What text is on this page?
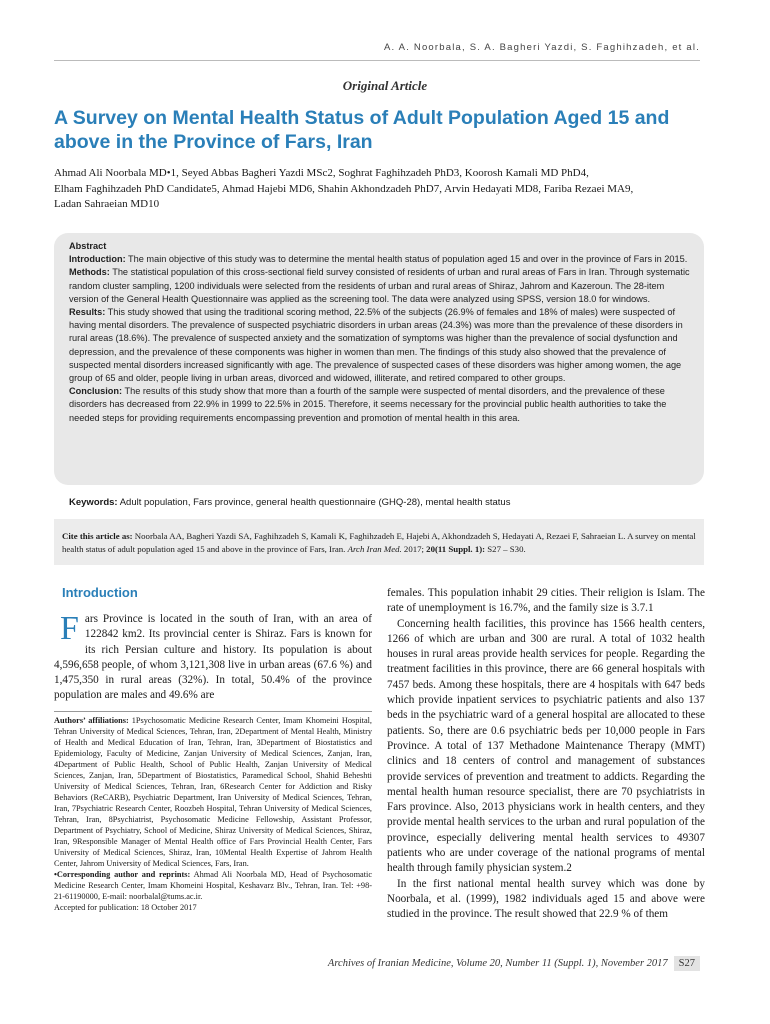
A. A. Noorbala, S. A. Bagheri Yazdi, S. Faghihzadeh, et al.
Original Article
A Survey on Mental Health Status of Adult Population Aged 15 and above in the Province of Fars, Iran
Ahmad Ali Noorbala MD•1, Seyed Abbas Bagheri Yazdi MSc2, Soghrat Faghihzadeh PhD3, Koorosh Kamali MD PhD4,
Elham Faghihzadeh PhD Candidate5, Ahmad Hajebi MD6, Shahin Akhondzadeh PhD7, Arvin Hedayati MD8, Fariba Rezaei MA9,
Ladan Sahraeian MD10

Abstract

Introduction: The main objective of this study was to determine the mental health status of population aged 15 and over in the province of Fars in 2015.

Methods: The statistical population of this cross-sectional field survey consisted of residents of urban and rural areas of Fars in Iran. Through systematic random cluster sampling, 1200 individuals were selected from the residents of urban and rural areas of Shiraz, Jahrom and Kazeroun. The 28-item version of the General Health Questionnaire was applied as the screening tool. The data were analyzed using SPSS, version 18.0 for windows.

Results: This study showed that using the traditional scoring method, 22.5% of the subjects (26.9% of females and 18% of males) were suspected of having mental disorders. The prevalence of suspected psychiatric disorders in urban areas (24.3%) was more than the prevalence of these disorders in rural areas (18.6%). The prevalence of suspected anxiety and the somatization of symptoms was higher than the prevalence of social dysfunction and depression, and the prevalence of these components was higher in women than men. The findings of this study also showed that the prevalence of suspected mental disorders increased significantly with age. The prevalence of suspected cases of these disorders was higher among women, the age group of 65 and older, people living in urban areas, divorced and widowed, illiterate, and retired compared to other groups.

Conclusion: The results of this study show that more than a fourth of the sample were suspected of mental disorders, and the prevalence of these disorders has decreased from 22.9% in 1999 to 22.5% in 2015. Therefore, it seems necessary for the provincial public health authorities to take the needed steps for providing requirements encompassing prevention and promotion of mental health in this area.

Keywords: Adult population, Fars province, general health questionnaire (GHQ-28), mental health status
Cite this article as: Noorbala AA, Bagheri Yazdi SA, Faghihzadeh S, Kamali K, Faghihzadeh E, Hajebi A, Akhondzadeh S, Hedayati A, Rezaei F, Sahraeian L. A survey on mental health status of adult population aged 15 and above in the province of Fars, Iran. Arch Iran Med. 2017; 20(11 Suppl. 1): S27 – S30.
Introduction

Fars Province is located in the south of Iran, with an area of 122842 km2. Its provincial center is Shiraz. Fars is known for its rich Persian culture and history. Its population is about 4,596,658 people, of whom 3,121,308 live in urban areas (67.6 %) and 1,475,350 in rural areas (32%). In total, 50.4% of the province population are males and 49.6% are

Authors’ affiliations: 1Psychosomatic Medicine Research Center, Imam Khomeini Hospital, Tehran University of Medical Sciences, Tehran, Iran, 2Department of Mental Health, Ministry of Health and Medical Education of Iran, Tehran, Iran, 3Department of Biostatistics and Epidemiology, Faculty of Medicine, Zanjan University of Medical Sciences, Zanjan, Iran, 4Department of Public Health, School of Public Health, Zanjan University of Medical Sciences, Zanjan, Iran, 5Department of Biostatistics, Paramedical School, Shahid Beheshti University of Medical Sciences, Tehran, Iran, 6Research Center for Addiction and Risky Behaviors (ReCARB), Psychiatric Department, Iran University of Medical Sciences, Tehran, Iran, 7Psychiatric Research Center, Roozbeh Hospital, Tehran University of Medical Sciences, Tehran, Iran, 8Psychiatrist, Psychosomatic Medicine Fellowship, Assistant Professor, Department of Psychiatry, School of Medicine, Shiraz University of Medical Sciences, Shiraz, Iran, 9Responsible Manager of Mental Health office of Fars Provincial Health Center, Fars University of Medical Sciences, Shiraz, Iran, 10Mental Health Expertise of Jahrom Health Center, Jahrom University of Medical Sciences, Fars, Iran.
•Corresponding author and reprints: Ahmad Ali Noorbala MD, Head of Psychosomatic Medicine Research Center, Imam Khomeini Hospital, Keshavarz Blv., Tehran, Iran. Tel: +98-21-61190000, E-mail: noorbalal@tums.ac.ir.
Accepted for publication: 18 October 2017

females. This population inhabit 29 cities. Their religion is Islam. The rate of unemployment is 16.7%, and the family size is 3.7.1

Concerning health facilities, this province has 1566 health centers, 1266 of which are urban and 300 are rural. A total of 1032 health houses in rural areas provide health services for people. Regarding the treatment facilities in this province, there are 66 general hospitals with 7457 beds. Among these hospitals, there are 4 hospitals with 647 beds which provide inpatient services to psychiatric patients and also 137 beds in the psychiatric ward of a general hospital are allocated to these patients. So, there are 0.6 psychiatric beds per 10,000 people in Fars Province. A total of 137 Methadone Maintenance Therapy (MMT) clinics and 18 centers of control and management of substances provide services of prevention and treatment to addicts. Regarding the mental health human resource specialist, there are 70 psychiatrists in Fars province. Also, 2013 physicians work in health centers, and they provide mental health services to the urban and rural population of the province, especially delivering mental health services to 49307 patients who are under coverage of the national programs of mental health through family physician system.2

In the first national mental health survey which was done by Noorbala, et al. (1999), 1982 individuals aged 15 and above were studied in the province. The result showed that 22.9 % of them

Archives of Iranian Medicine, Volume 20, Number 11 (Suppl. 1), November 2017 S27
